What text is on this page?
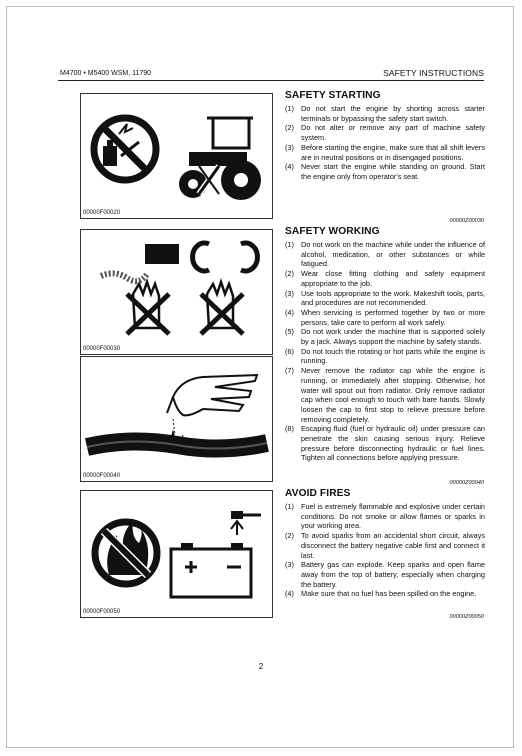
M4700 • M5400 WSM, 11790	SAFETY INSTRUCTIONS
00000F00020
00000F00030
00000F00040
00000F00050
SAFETY STARTING
(1) Do not start the engine by shorting across starter terminals or bypassing the safety start switch.
(2) Do not alter or remove any part of machine safety system.
(3) Before starting the engine, make sure that all shift levers are in neutral positions or in disengaged positions.
(4) Never start the engine while standing on ground. Start the engine only from operator's seat.
00000Z00030
SAFETY WORKING
(1) Do not work on the machine while under the influence of alcohol, medication, or other substances or while fatigued.
(2) Wear close fitting clothing and safety equipment appropriate to the job.
(3) Use tools appropriate to the work. Makeshift tools, parts, and procedures are not recommended.
(4) When servicing is performed together by two or more persons, take care to perform all work safely.
(5) Do not work under the machine that is supported solely by a jack. Always support the machine by safety stands.
(6) Do not touch the rotating or hot parts while the engine is running.
(7) Never remove the radiator cap while the engine is running, or immediately after stopping. Otherwise, hot water will spout out from radiator. Only remove radiator cap when cool enough to touch with bare hands. Slowly loosen the cap to first stop to relieve pressure before removing completely.
(8) Escaping fluid (fuel or hydraulic oil) under pressure can penetrate the skin causing serious injury. Relieve pressure before disconnecting hydraulic or fuel lines. Tighten all connections before applying pressure.
00000Z00040
AVOID FIRES
(1) Fuel is extremely flammable and explosive under certain conditions. Do not smoke or allow flames or sparks in your working area.
(2) To avoid sparks from an accidental short circuit, always disconnect the battery negative cable first and connect it last.
(3) Battery gas can explode. Keep sparks and open flame away from the top of battery, especially when charging the battery.
(4) Make sure that no fuel has been spilled on the engine.
00000Z00050
2
